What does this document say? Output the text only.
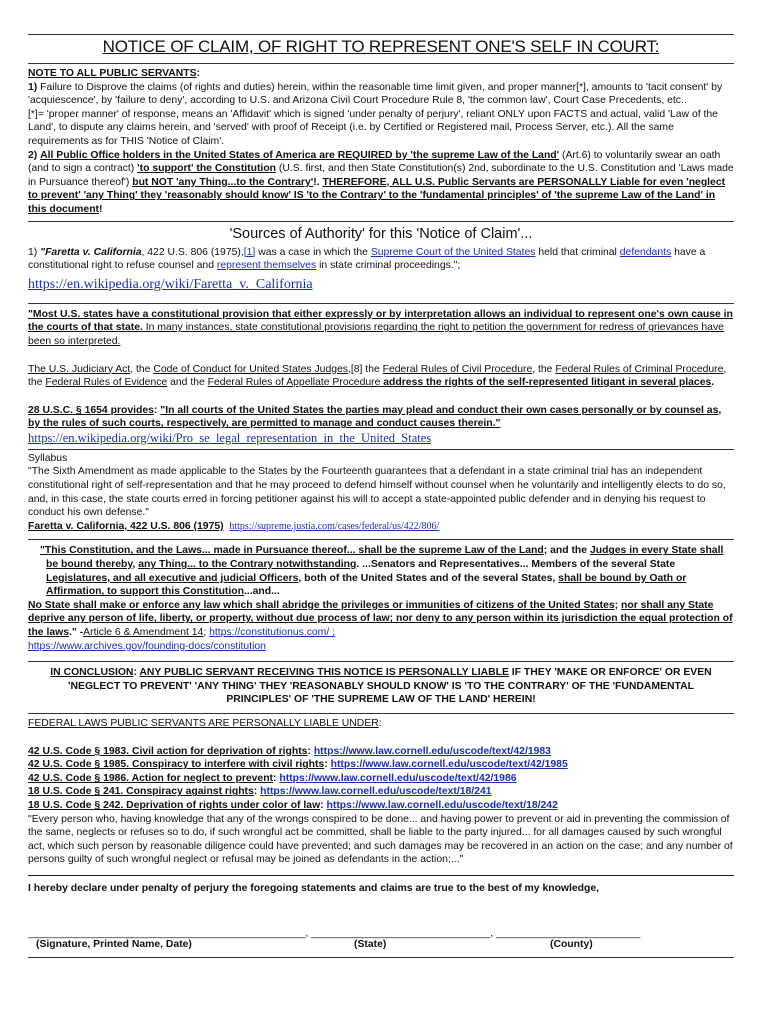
NOTICE OF CLAIM, OF RIGHT TO REPRESENT ONE'S SELF IN COURT:

NOTE TO ALL PUBLIC SERVANTS:

1) Failure to Disprove the claims (of rights and duties) herein, within the reasonable time limit given, and proper manner[*], amounts to 'tacit consent' by 'acquiescence', by 'failure to deny', according to U.S. and Arizona Civil Court Procedure Rule 8, 'the common law', Court Case Precedents, etc..

[*]= 'proper manner' of response, means an 'Affidavit' which is signed 'under penalty of perjury', reliant ONLY upon FACTS and actual, valid 'Law of the Land', to dispute any claims herein, and 'served' with proof of Receipt (i.e. by Certified or Registered mail, Process Server, etc.). All the same requirements as for THIS 'Notice of Claim'.

2) All Public Office holders in the United States of America are REQUIRED by 'the supreme Law of the Land' (Art.6) to voluntarily swear an oath (and to sign a contract) 'to support' the Constitution (U.S. first, and then State Constitution(s) 2nd, subordinate to the U.S. Constitution and 'Laws made in Pursuance thereof') but NOT 'any Thing...to the Contrary'!. THEREFORE, ALL U.S. Public Servants are PERSONALLY Liable for even 'neglect to prevent' 'any Thing' they 'reasonably should know' IS 'to the Contrary' to the 'fundamental principles' of 'the supreme Law of the Land' in this document!

'Sources of Authority' for this 'Notice of Claim'...

1) "Faretta v. California, 422 U.S. 806 (1975),[1] was a case in which the Supreme Court of the United States held that criminal defendants have a constitutional right to refuse counsel and represent themselves in state criminal proceedings.";

https://en.wikipedia.org/wiki/Faretta_v._California

"Most U.S. states have a constitutional provision that either expressly or by interpretation allows an individual to represent one's own cause in the courts of that state. In many instances, state constitutional provisions regarding the right to petition the government for redress of grievances have been so interpreted.

The U.S. Judiciary Act, the Code of Conduct for United States Judges,[8] the Federal Rules of Civil Procedure, the Federal Rules of Criminal Procedure, the Federal Rules of Evidence and the Federal Rules of Appellate Procedure address the rights of the self-represented litigant in several places.

28 U.S.C. § 1654 provides: "In all courts of the United States the parties may plead and conduct their own cases personally or by counsel as, by the rules of such courts, respectively, are permitted to manage and conduct causes therein."

https://en.wikipedia.org/wiki/Pro_se_legal_representation_in_the_United_States

Syllabus

"The Sixth Amendment as made applicable to the States by the Fourteenth guarantees that a defendant in a state criminal trial has an independent constitutional right of self-representation and that he may proceed to defend himself without counsel when he voluntarily and intelligently elects to do so, and, in this case, the state courts erred in forcing petitioner against his will to accept a state-appointed public defender and in denying his request to conduct his own defense."

Faretta v. California, 422 U.S. 806 (1975) https://supreme.justia.com/cases/federal/us/422/806/

"This Constitution, and the Laws... made in Pursuance thereof... shall be the supreme Law of the Land; and the Judges in every State shall be bound thereby, any Thing... to the Contrary notwithstanding. ...Senators and Representatives... Members of the several State Legislatures, and all executive and judicial Officers, both of the United States and of the several States, shall be bound by Oath or Affirmation, to support this Constitution...and...

No State shall make or enforce any law which shall abridge the privileges or immunities of citizens of the United States; nor shall any State deprive any person of life, liberty, or property, without due process of law; nor deny to any person within its jurisdiction the equal protection of the laws." -Article 6 & Amendment 14; https://constitutionus.com/ ;

https://www.archives.gov/founding-docs/constitution

IN CONCLUSION: ANY PUBLIC SERVANT RECEIVING THIS NOTICE IS PERSONALLY LIABLE IF THEY 'MAKE OR ENFORCE' OR EVEN 'NEGLECT TO PREVENT' 'ANY THING' THEY 'REASONABLY SHOULD KNOW' IS 'TO THE CONTRARY' OF THE 'FUNDAMENTAL PRINCIPLES' OF 'THE SUPREME LAW OF THE LAND' HEREIN!

FEDERAL LAWS PUBLIC SERVANTS ARE PERSONALLY LIABLE UNDER:

42 U.S. Code § 1983. Civil action for deprivation of rights: https://www.law.cornell.edu/uscode/text/42/1983

42 U.S. Code § 1985. Conspiracy to interfere with civil rights: https://www.law.cornell.edu/uscode/text/42/1985

42 U.S. Code § 1986. Action for neglect to prevent: https://www.law.cornell.edu/uscode/text/42/1986

18 U.S. Code § 241. Conspiracy against rights: https://www.law.cornell.edu/uscode/text/18/241

18 U.S. Code § 242. Deprivation of rights under color of law: https://www.law.cornell.edu/uscode/text/18/242

"Every person who, having knowledge that any of the wrongs conspired to be done... and having power to prevent or aid in preventing the commission of the same, neglects or refuses so to do, if such wrongful act be committed, shall be liable to the party injured... for all damages caused by such wrongful act, which such person by reasonable diligence could have prevented; and such damages may be recovered in an action on the case; and any number of persons guilty of such wrongful neglect or refusal may be joined as defendants in the action;..."

I hereby declare under penalty of perjury the foregoing statements and claims are true to the best of my knowledge,

________________________________________________, _______________________________, _________________________
(Signature, Printed Name, Date)	(State)	(County)
